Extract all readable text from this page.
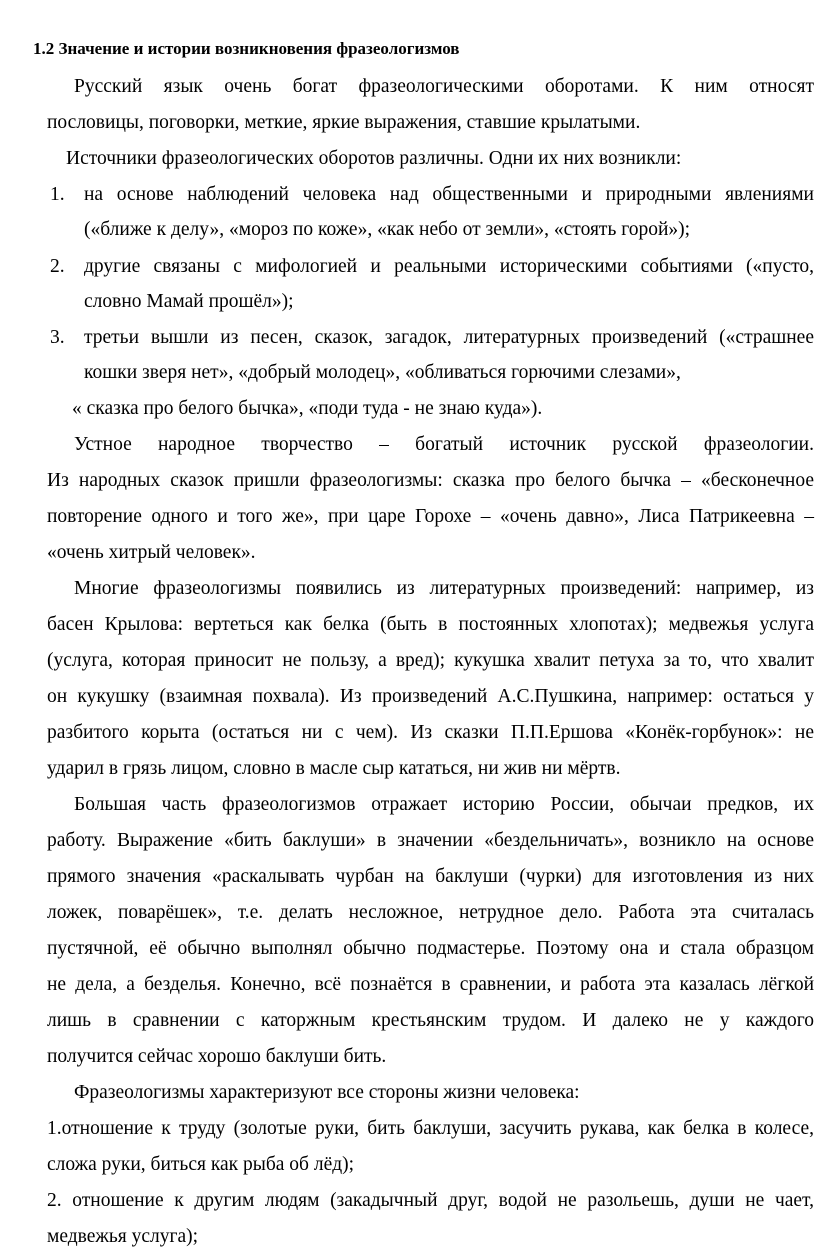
1.2 Значение и истории возникновения фразеологизмов
Русский язык очень богат фразеологическими оборотами. К ним относят
пословицы, поговорки, меткие, яркие выражения, ставшие крылатыми.
Источники фразеологических оборотов различны. Одни их них возникли:
1. на основе наблюдений человека над общественными и природными явлениями
(«ближе к делу», «мороз по коже», «как небо от земли», «стоять горой»);
2. другие связаны с мифологией и реальными историческими событиями («пусто,
словно Мамай прошёл»);
3. третьи вышли из песен, сказок, загадок, литературных произведений («страшнее
кошки зверя нет», «добрый молодец», «обливаться горючими слезами»,
« сказка про белого бычка», «поди туда - не знаю куда»).
Устное народное творчество – богатый источник русской фразеологии.
Из народных сказок пришли фразеологизмы: сказка про белого бычка – «бесконечное
повторение одного и того же», при царе Горохе – «очень давно», Лиса Патрикеевна –
«очень хитрый человек».
Многие фразеологизмы появились из литературных произведений: например, из
басен Крылова: вертеться как белка (быть в постоянных хлопотах); медвежья услуга
(услуга, которая приносит не пользу, а вред); кукушка хвалит петуха за то, что хвалит
он кукушку (взаимная похвала). Из произведений А.С.Пушкина, например: остаться у
разбитого корыта (остаться ни с чем). Из сказки П.П.Ершова «Конёк-горбунок»: не
ударил в грязь лицом, словно в масле сыр кататься, ни жив ни мёртв.
Большая часть фразеологизмов отражает историю России, обычаи предков, их
работу. Выражение «бить баклуши» в значении «бездельничать», возникло на основе
прямого значения «раскалывать чурбан на баклуши (чурки) для изготовления из них
ложек, поварёшек», т.е. делать несложное, нетрудное дело. Работа эта считалась
пустячной, её обычно выполнял обычно подмастерье. Поэтому она и стала образцом
не дела, а безделья. Конечно, всё познаётся в сравнении, и работа эта казалась лёгкой
лишь в сравнении с каторжным крестьянским трудом. И далеко не у каждого
получится сейчас хорошо баклуши бить.
Фразеологизмы характеризуют все стороны жизни человека:
1.отношение к труду (золотые руки, бить баклуши, засучить рукава, как белка в колесе,
сложа руки, биться как рыба об лёд);
2. отношение к другим людям (закадычный друг, водой не разольешь, души не чает,
медвежья услуга);
